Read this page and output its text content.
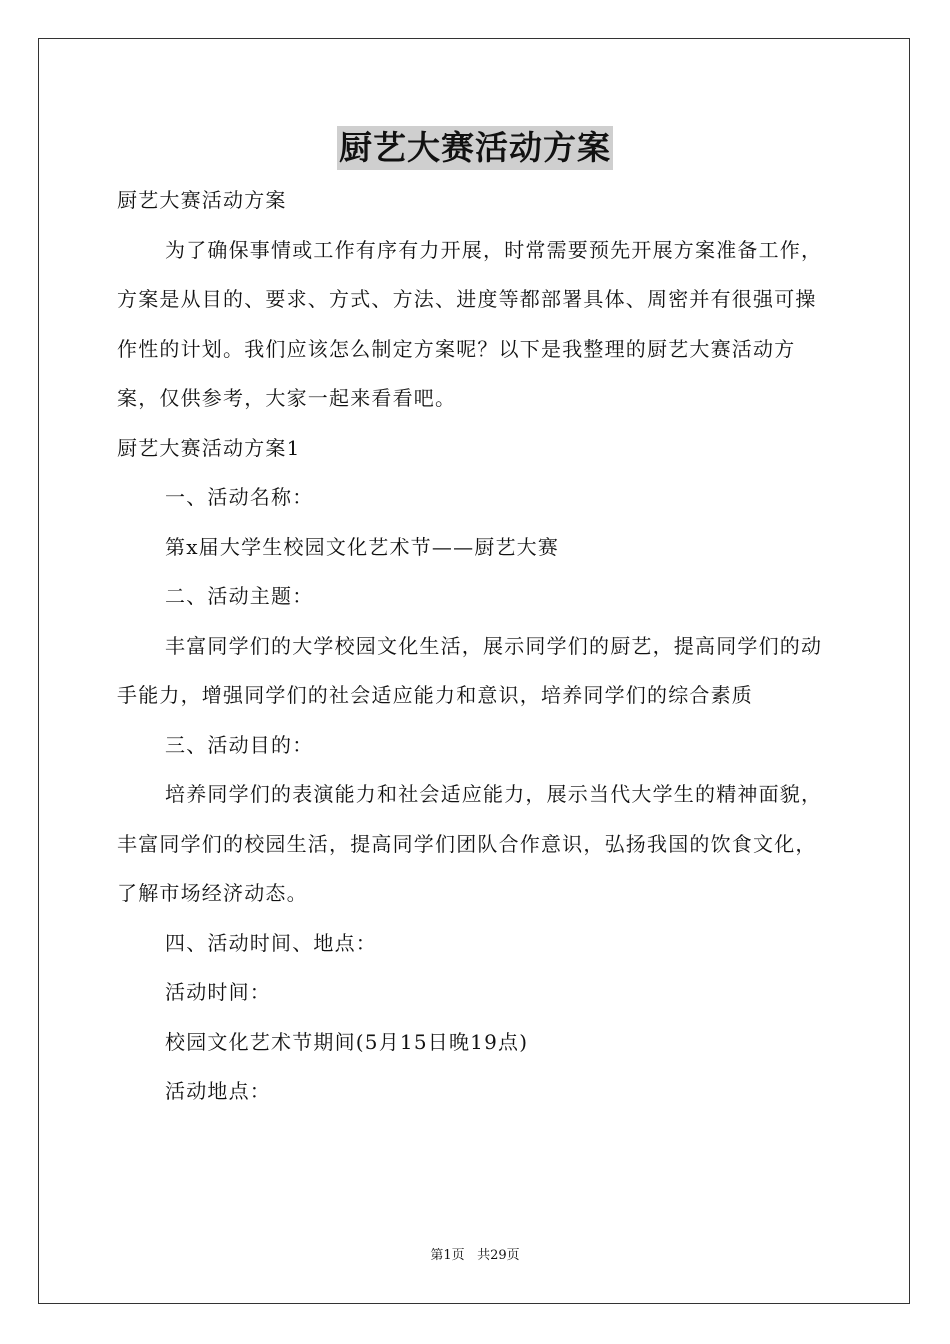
厨艺大赛活动方案

厨艺大赛活动方案

为了确保事情或工作有序有力开展，时常需要预先开展方案准备工作，方案是从目的、要求、方式、方法、进度等都部署具体、周密并有很强可操作性的计划。我们应该怎么制定方案呢？以下是我整理的厨艺大赛活动方案，仅供参考，大家一起来看看吧。

厨艺大赛活动方案1

一、活动名称：

第x届大学生校园文化艺术节——厨艺大赛

二、活动主题：

丰富同学们的大学校园文化生活，展示同学们的厨艺，提高同学们的动手能力，增强同学们的社会适应能力和意识，培养同学们的综合素质

三、活动目的：

培养同学们的表演能力和社会适应能力，展示当代大学生的精神面貌，丰富同学们的校园生活，提高同学们团队合作意识，弘扬我国的饮食文化，了解市场经济动态。

四、活动时间、地点：

活动时间：

校园文化艺术节期间(5月15日晚19点)

活动地点：

第1页 共29页
